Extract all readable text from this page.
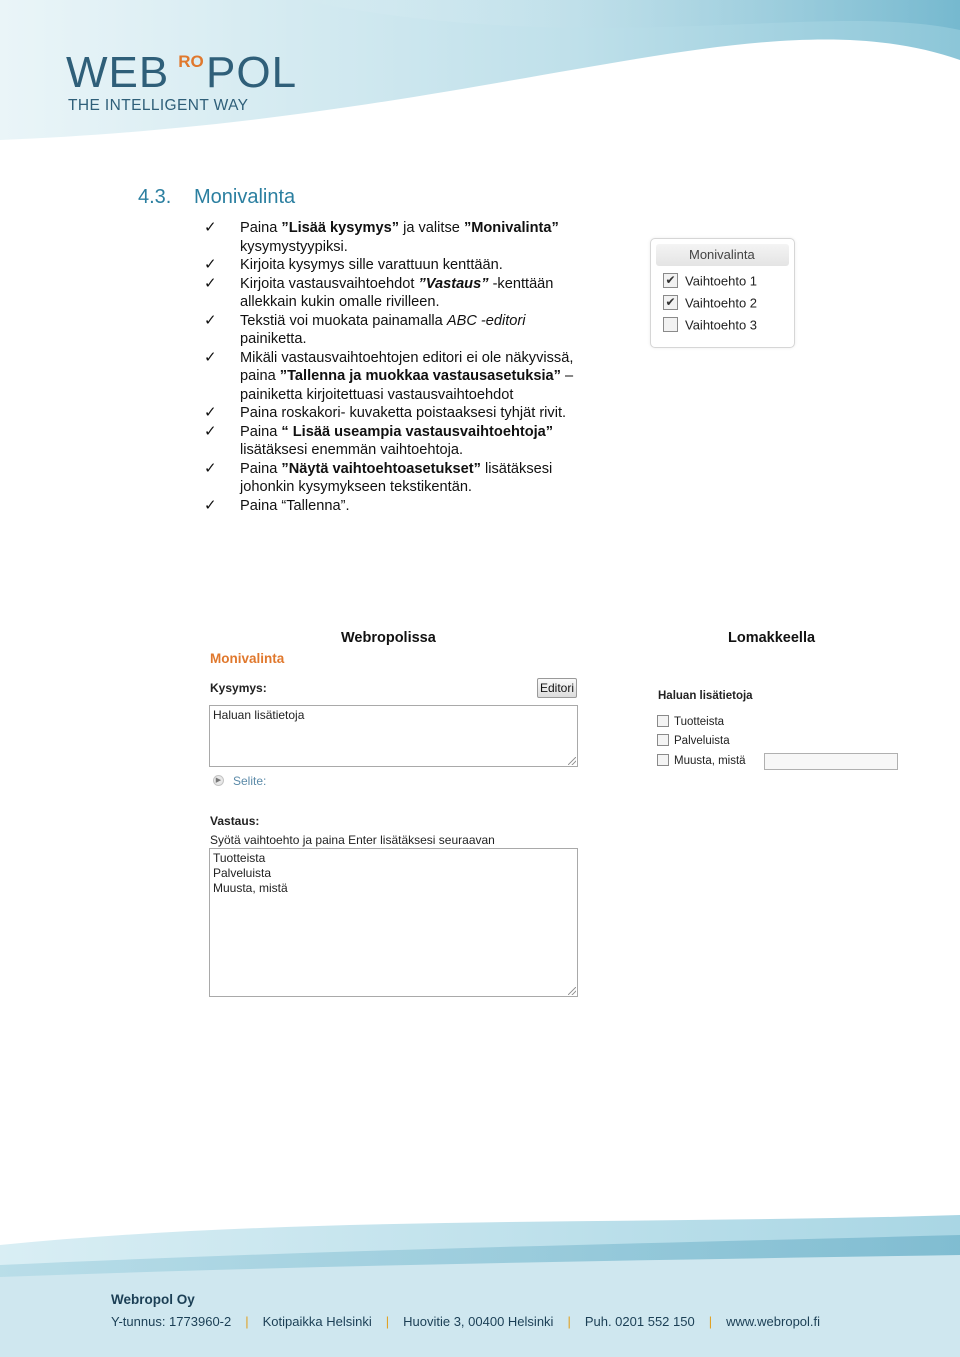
WEB RO POL
THE INTELLIGENT WAY
4.3. Monivalinta
✓ Paina ”Lisää kysymys” ja valitse ”Monivalinta” kysymystyypiksi.
✓ Kirjoita kysymys sille varattuun kenttään.
✓ Kirjoita vastausvaihtoehdot ”Vastaus” -kenttään allekkain kukin omalle rivilleen.
✓ Tekstiä voi muokata painamalla ABC -editori painiketta.
✓ Mikäli vastausvaihtoehtojen editori ei ole näkyvissä, paina ”Tallenna ja muokkaa vastausasetuksia” –painiketta kirjoitettuasi vastausvaihtoehdot
✓ Paina roskakori- kuvaketta poistaaksesi tyhjät rivit.
✓ Paina “ Lisää useampia vastausvaihtoehtoja” lisätäksesi enemmän vaihtoehtoja.
✓ Paina ”Näytä vaihtoehtoasetukset” lisätäksesi johonkin kysymykseen tekstikentän.
✓ Paina “Tallenna”.
Monivalinta
✔ Vaihtoehto 1
✔ Vaihtoehto 2
Vaihtoehto 3
Webropolissa	Lomakkeella
Monivalinta
Kysymys:	Editori
Haluan lisätietoja
▶ Selite:
Vastaus:
Syötä vaihtoehto ja paina Enter lisätäksesi seuraavan
Tuotteista
Palveluista
Muusta, mistä
Haluan lisätietoja
Tuotteista
Palveluista
Muusta, mistä
Webropol Oy
Y-tunnus: 1773960-2 | Kotipaikka Helsinki | Huovitie 3, 00400 Helsinki | Puh. 0201 552 150 | www.webropol.fi
